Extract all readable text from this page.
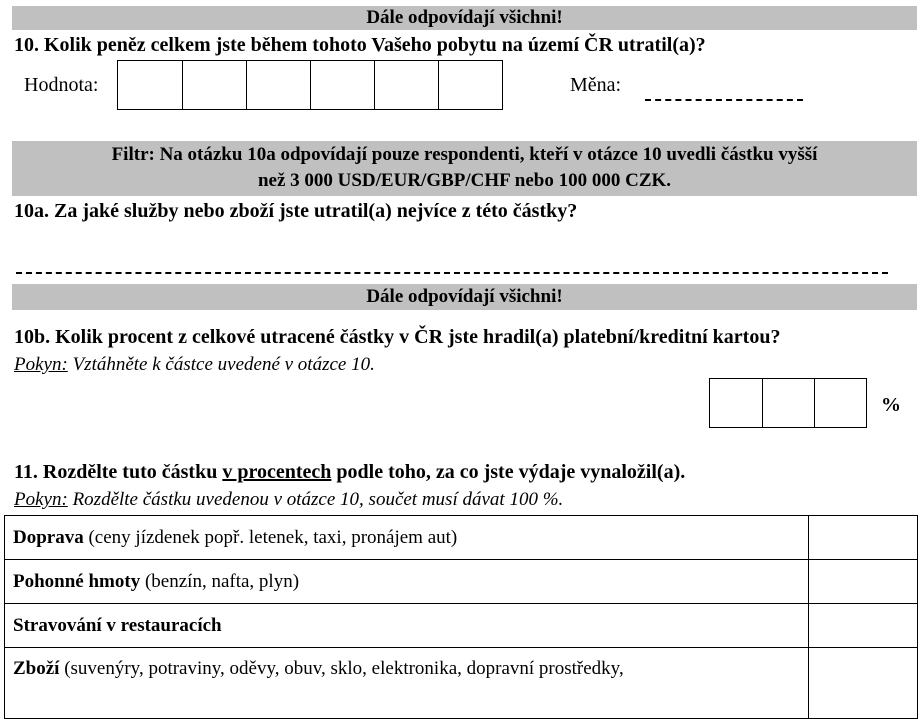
Dále odpovídají všichni!
10. Kolik peněz celkem jste během tohoto Vašeho pobytu na území ČR utratil(a)?
Hodnota:	Měna:
Filtr: Na otázku 10a odpovídají pouze respondenti, kteří v otázce 10 uvedli částku vyšší
než 3 000 USD/EUR/GBP/CHF nebo 100 000 CZK.
10a. Za jaké služby nebo zboží jste utratil(a) nejvíce z této částky?
Dále odpovídají všichni!
10b. Kolik procent z celkové utracené částky v ČR jste hradil(a) platební/kreditní kartou?
Pokyn: Vztáhněte k částce uvedené v otázce 10.
%
11. Rozdělte tuto částku v procentech podle toho, za co jste výdaje vynaložil(a).
Pokyn: Rozdělte částku uvedenou v otázce 10, součet musí dávat 100 %.
Doprava (ceny jízdenek popř. letenek, taxi, pronájem aut)	
Pohonné hmoty (benzín, nafta, plyn)	
Stravování v restauracích	
Zboží (suvenýry, potraviny, oděvy, obuv, sklo, elektronika, dopravní prostředky,	
